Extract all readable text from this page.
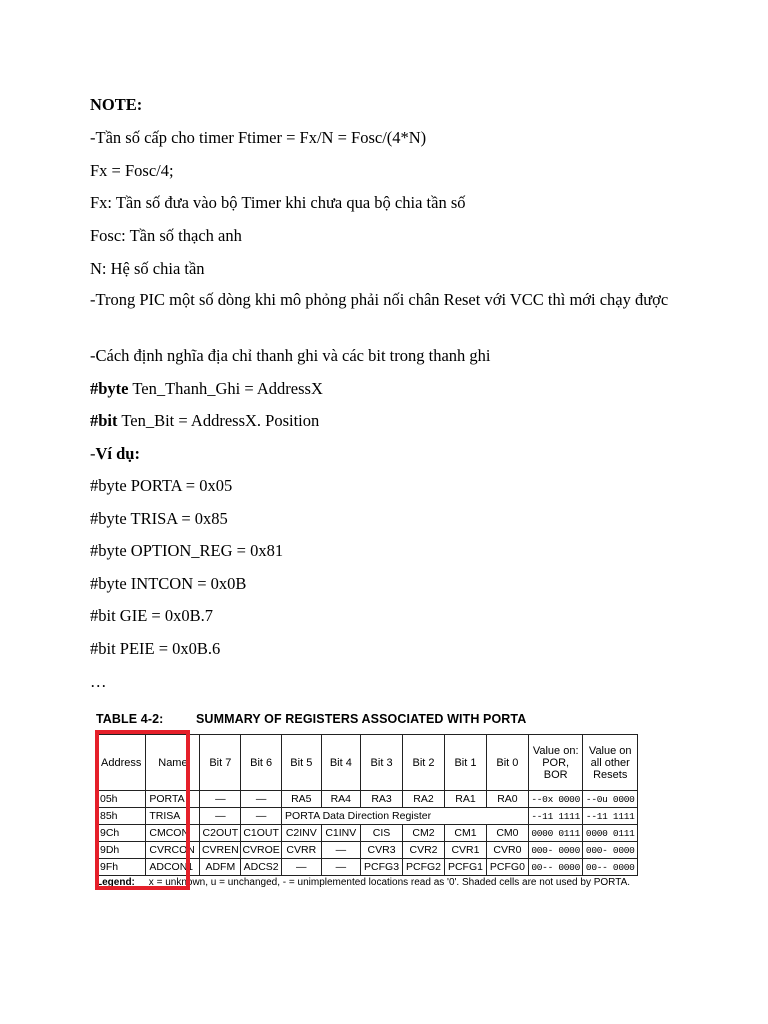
NOTE:
-Tần số cấp cho timer Ftimer = Fx/N = Fosc/(4*N)
Fx = Fosc/4;
Fx: Tần số đưa vào bộ Timer khi chưa qua bộ chia tần số
Fosc: Tần số thạch anh
N: Hệ số chia tần
-Trong PIC một số dòng khi mô phỏng phải nối chân Reset với VCC thì mới chạy được
-Cách định nghĩa địa chỉ thanh ghi và các bit trong thanh ghi
#byte Ten_Thanh_Ghi = AddressX
#bit Ten_Bit = AddressX. Position
-Ví dụ:
#byte PORTA = 0x05
#byte TRISA = 0x85
#byte OPTION_REG = 0x81
#byte INTCON = 0x0B
#bit GIE = 0x0B.7
#bit PEIE = 0x0B.6
…
TABLE 4-2:	SUMMARY OF REGISTERS ASSOCIATED WITH PORTA
Address	Name	Bit 7	Bit 6	Bit 5	Bit 4	Bit 3	Bit 2	Bit 1	Bit 0	Value on: POR, BOR	Value on all other Resets
05h	PORTA	—	—	RA5	RA4	RA3	RA2	RA1	RA0	--0x 0000	--0u 0000
85h	TRISA	—	—	PORTA Data Direction Register						--11 1111	--11 1111
9Ch	CMCON	C2OUT	C1OUT	C2INV	C1INV	CIS	CM2	CM1	CM0	0000 0111	0000 0111
9Dh	CVRCON	CVREN	CVROE	CVRR	—	CVR3	CVR2	CVR1	CVR0	000- 0000	000- 0000
9Fh	ADCON1	ADFM	ADCS2	—	—	PCFG3	PCFG2	PCFG1	PCFG0	00-- 0000	00-- 0000
Legend: x = unknown, u = unchanged, - = unimplemented locations read as '0'. Shaded cells are not used by PORTA.
